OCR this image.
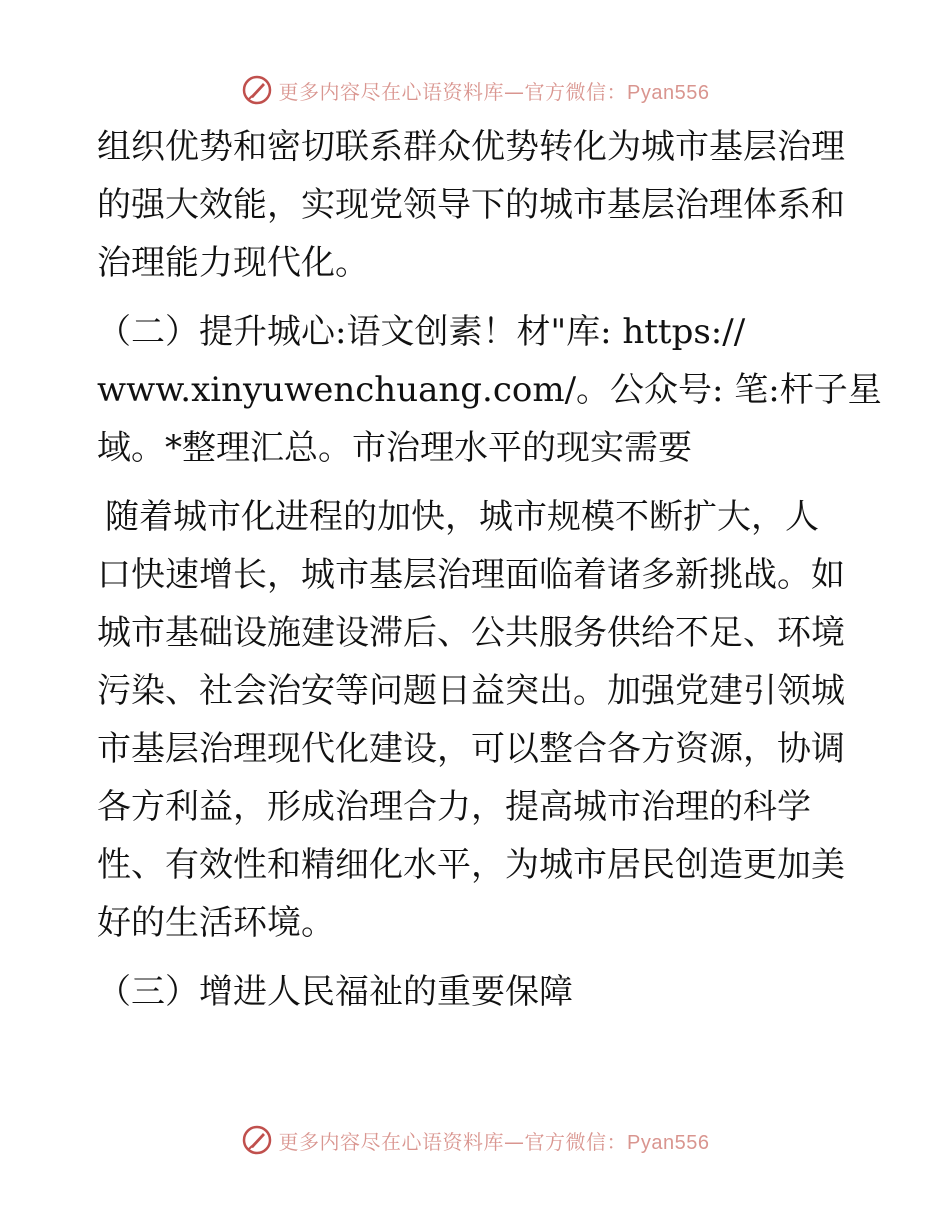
更多内容尽在心语资料库—官方微信：Pyan556
组织优势和密切联系群众优势转化为城市基层治理
的强大效能，实现党领导下的城市基层治理体系和
治理能力现代化。
（二）提升城心:语文创素！材"库: https://
www.xinyuwenchuang.com/。公众号: 笔:杆子星
域。*整理汇总。市治理水平的现实需要
随着城市化进程的加快，城市规模不断扩大，人
口快速增长，城市基层治理面临着诸多新挑战。如
城市基础设施建设滞后、公共服务供给不足、环境
污染、社会治安等问题日益突出。加强党建引领城
市基层治理现代化建设，可以整合各方资源，协调
各方利益，形成治理合力，提高城市治理的科学
性、有效性和精细化水平，为城市居民创造更加美
好的生活环境。
（三）增进人民福祉的重要保障
更多内容尽在心语资料库—官方微信：Pyan556
